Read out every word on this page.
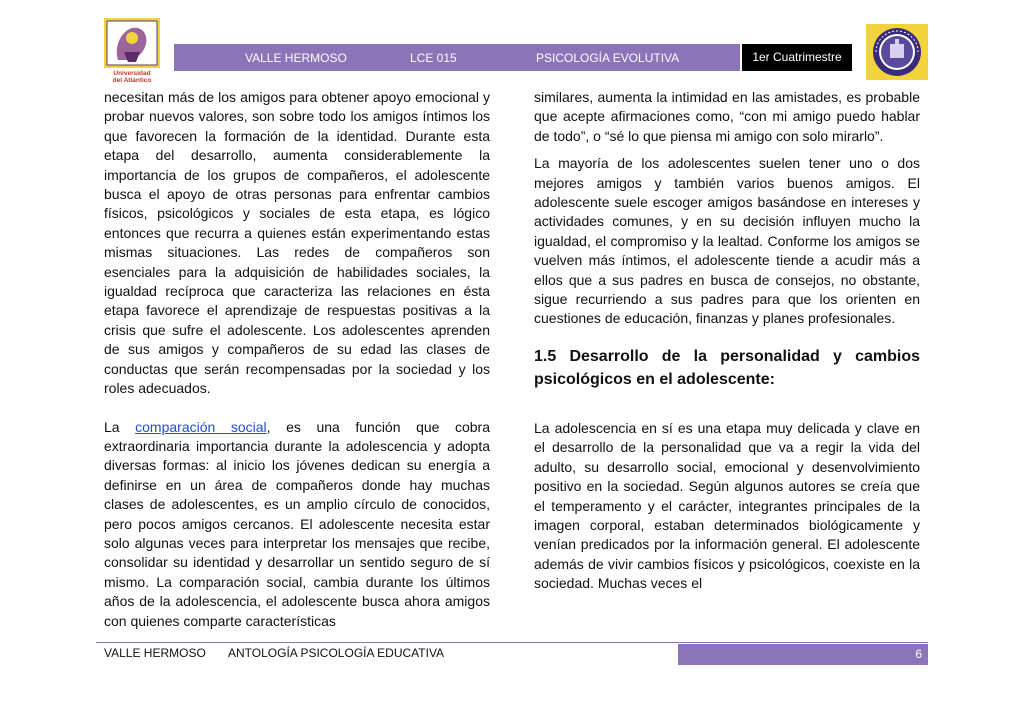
Universidad
del Atlántico
VALLE HERMOSO	LCE 015	PSICOLOGÍA EVOLUTIVA	1er Cuatrimestre

necesitan más de los amigos para obtener apoyo emocional y probar nuevos valores, son sobre todo los amigos íntimos los que favorecen la formación de la identidad. Durante esta etapa del desarrollo, aumenta considerablemente la importancia de los grupos de compañeros, el adolescente busca el apoyo de otras personas para enfrentar cambios físicos, psicológicos y sociales de esta etapa, es lógico entonces que recurra a quienes están experimentando estas mismas situaciones. Las redes de compañeros son esenciales para la adquisición de habilidades sociales, la igualdad recíproca que caracteriza las relaciones en ésta etapa favorece el aprendizaje de respuestas positivas a la crisis que sufre el adolescente. Los adolescentes aprenden de sus amigos y compañeros de su edad las clases de conductas que serán recompensadas por la sociedad y los roles adecuados.

La comparación social, es una función que cobra extraordinaria importancia durante la adolescencia y adopta diversas formas: al inicio los jóvenes dedican su energía a definirse en un área de compañeros donde hay muchas clases de adolescentes, es un amplio círculo de conocidos, pero pocos amigos cercanos. El adolescente necesita estar solo algunas veces para interpretar los mensajes que recibe, consolidar su identidad y desarrollar un sentido seguro de sí mismo. La comparación social, cambia durante los últimos años de la adolescencia, el adolescente busca ahora amigos con quienes comparte características

similares, aumenta la intimidad en las amistades, es probable que acepte afirmaciones como, “con mi amigo puedo hablar de todo”, o “sé lo que piensa mi amigo con solo mirarlo”.

La mayoría de los adolescentes suelen tener uno o dos mejores amigos y también varios buenos amigos. El adolescente suele escoger amigos basándose en intereses y actividades comunes, y en su decisión influyen mucho la igualdad, el compromiso y la lealtad. Conforme los amigos se vuelven más íntimos, el adolescente tiende a acudir más a ellos que a sus padres en busca de consejos, no obstante, sigue recurriendo a sus padres para que los orienten en cuestiones de educación, finanzas y planes profesionales.

1.5 Desarrollo de la personalidad y cambios psicológicos en el adolescente:

La adolescencia en sí es una etapa muy delicada y clave en el desarrollo de la personalidad que va a regir la vida del adulto, su desarrollo social, emocional y desenvolvimiento positivo en la sociedad. Según algunos autores se creía que el temperamento y el carácter, integrantes principales de la imagen corporal, estaban determinados biológicamente y venían predicados por la información general. El adolescente además de vivir cambios físicos y psicológicos, coexiste en la sociedad. Muchas veces el

VALLE HERMOSO ANTOLOGÍA PSICOLOGÍA EDUCATIVA	6
